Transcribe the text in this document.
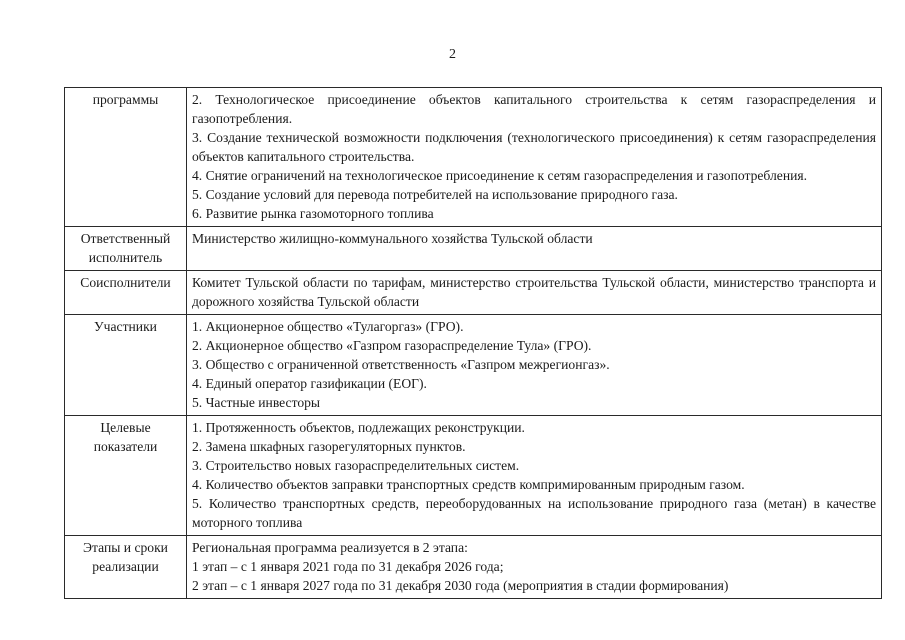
2
программы	2. Технологическое присоединение объектов капитального строительства к сетям газораспределения и газопотребления.
3. Создание технической возможности подключения (технологического присоединения) к сетям газораспределения объектов капитального строительства.
4. Снятие ограничений на технологическое присоединение к сетям газораспределения и газопотребления.
5. Создание условий для перевода потребителей на использование природного газа.
6. Развитие рынка газомоторного топлива

Ответственный исполнитель	Министерство жилищно-коммунального хозяйства Тульской области

Соисполнители	Комитет Тульской области по тарифам, министерство строительства Тульской области, министерство транспорта и дорожного хозяйства Тульской области

Участники	1. Акционерное общество «Тулагоргаз» (ГРО).
2. Акционерное общество «Газпром газораспределение Тула» (ГРО).
3. Общество с ограниченной ответственность «Газпром межрегионгаз».
4. Единый оператор газификации (ЕОГ).
5. Частные инвесторы

Целевые показатели	1. Протяженность объектов, подлежащих реконструкции.
2. Замена шкафных газорегуляторных пунктов.
3. Строительство новых газораспределительных систем.
4. Количество объектов заправки транспортных средств компримированным природным газом.
5. Количество транспортных средств, переоборудованных на использование природного газа (метан) в качестве моторного топлива

Этапы и сроки реализации	Региональная программа реализуется в 2 этапа:
1 этап – с 1 января 2021 года по 31 декабря 2026 года;
2 этап – с 1 января 2027 года по 31 декабря 2030 года (мероприятия в стадии формирования)
